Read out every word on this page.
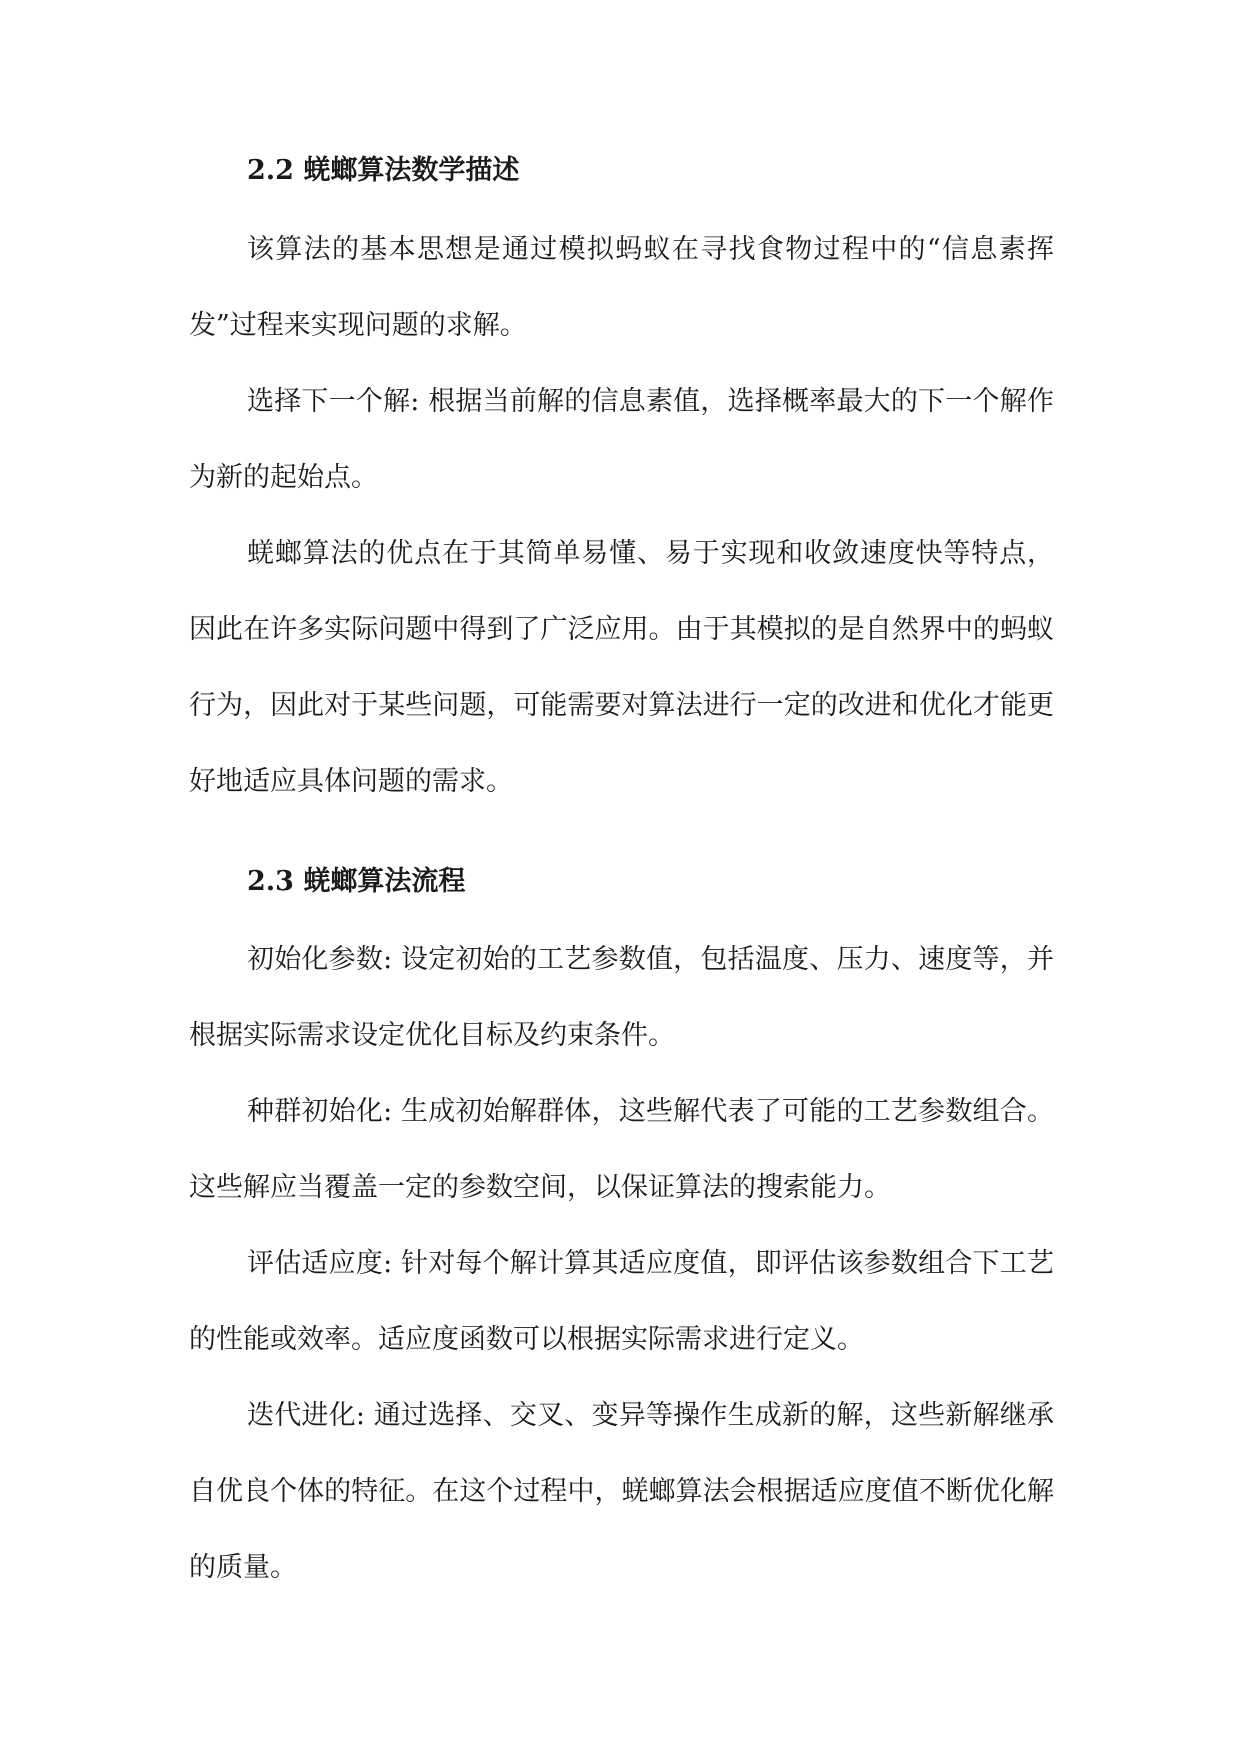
2.2 蜣螂算法数学描述

该算法的基本思想是通过模拟蚂蚁在寻找食物过程中的“信息素挥发”过程来实现问题的求解。

选择下一个解: 根据当前解的信息素值，选择概率最大的下一个解作为新的起始点。

蜣螂算法的优点在于其简单易懂、易于实现和收敛速度快等特点，因此在许多实际问题中得到了广泛应用。由于其模拟的是自然界中的蚂蚁行为，因此对于某些问题，可能需要对算法进行一定的改进和优化才能更好地适应具体问题的需求。

2.3 蜣螂算法流程

初始化参数: 设定初始的工艺参数值，包括温度、压力、速度等，并根据实际需求设定优化目标及约束条件。

种群初始化: 生成初始解群体，这些解代表了可能的工艺参数组合。这些解应当覆盖一定的参数空间，以保证算法的搜索能力。

评估适应度: 针对每个解计算其适应度值，即评估该参数组合下工艺的性能或效率。适应度函数可以根据实际需求进行定义。

迭代进化: 通过选择、交叉、变异等操作生成新的解，这些新解继承自优良个体的特征。在这个过程中，蜣螂算法会根据适应度值不断优化解的质量。
